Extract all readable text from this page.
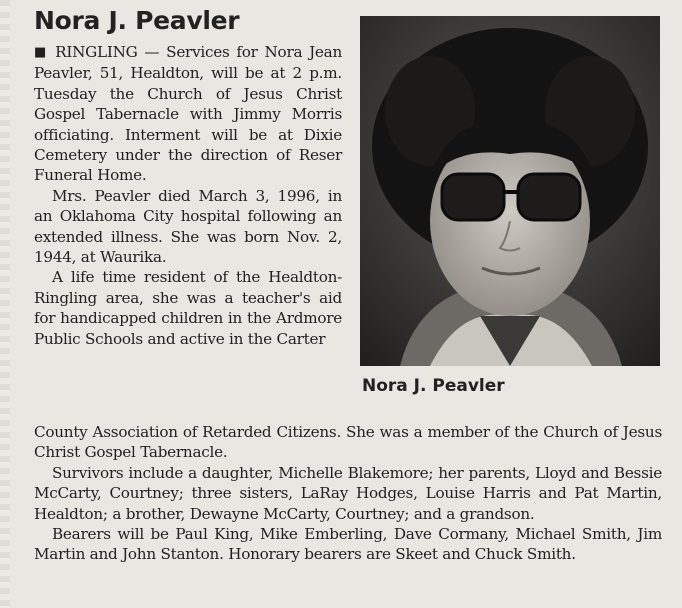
Nora J. Peavler

■ RINGLING — Services for Nora Jean Peavler, 51, Healdton, will be at 2 p.m. Tuesday the Church of Jesus Christ Gospel Tabernacle with Jimmy Morris officiating. Interment will be at Dixie Cemetery under the direction of Reser Funeral Home.

Mrs. Peavler died March 3, 1996, in an Oklahoma City hospital following an extended illness. She was born Nov. 2, 1944, at Waurika.

A life time resident of the Healdton-Ringling area, she was a teacher's aid for handicapped children in the Ardmore Public Schools and active in the Carter

Nora J. Peavler

County Association of Retarded Citizens. She was a member of the Church of Jesus Christ Gospel Tabernacle.

Survivors include a daughter, Michelle Blakemore; her parents, Lloyd and Bessie McCarty, Courtney; three sisters, LaRay Hodges, Louise Harris and Pat Martin, Healdton; a brother, Dewayne McCarty, Courtney; and a grandson.

Bearers will be Paul King, Mike Emberling, Dave Cormany, Michael Smith, Jim Martin and John Stanton. Honorary bearers are Skeet and Chuck Smith.
